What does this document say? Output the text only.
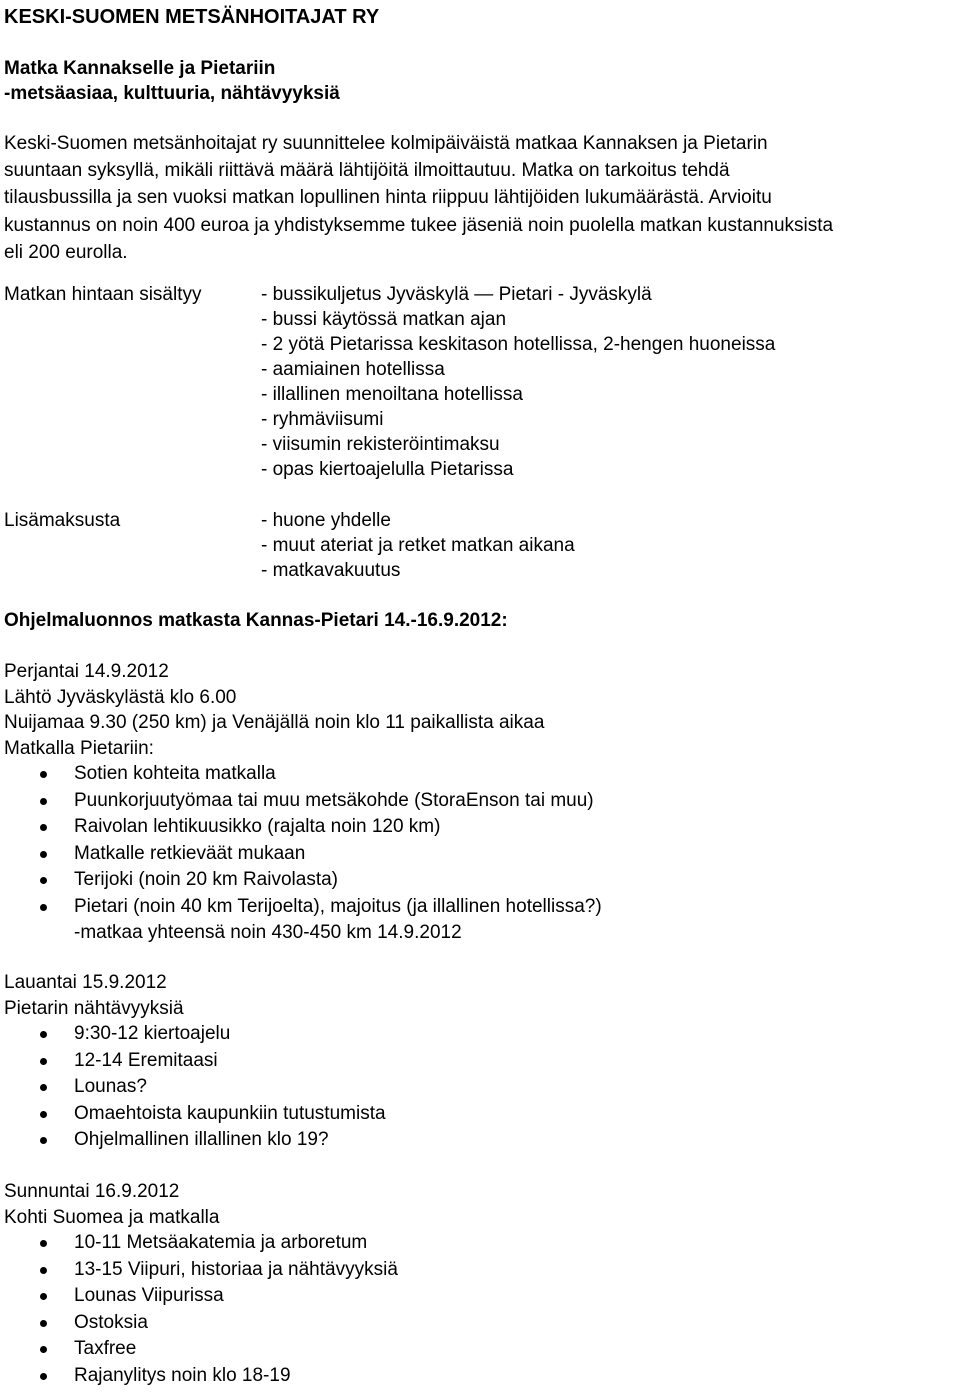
KESKI-SUOMEN METSÄNHOITAJAT RY
Matka Kannakselle ja Pietariin
-metsäasiaa, kulttuuria, nähtävyyksiä

Keski-Suomen metsänhoitajat ry suunnittelee kolmipäiväistä matkaa Kannaksen ja Pietarin
suuntaan syksyllä, mikäli riittävä määrä lähtijöitä ilmoittautuu. Matka on tarkoitus tehdä
tilausbussilla ja sen vuoksi matkan lopullinen hinta riippuu lähtijöiden lukumäärästä. Arvioitu
kustannus on noin 400 euroa ja yhdistyksemme tukee jäseniä noin puolella matkan kustannuksista
eli 200 eurolla.

Matkan hintaan sisältyy	- bussikuljetus Jyväskylä — Pietari - Jyväskylä
- bussi käytössä matkan ajan
- 2 yötä Pietarissa keskitason hotellissa, 2-hengen huoneissa
- aamiainen hotellissa
- illallinen menoiltana hotellissa
- ryhmäviisumi
- viisumin rekisteröintimaksu
- opas kiertoajelulla Pietarissa
Lisämaksusta	- huone yhdelle
- muut ateriat ja retket matkan aikana
- matkavakuutus
Ohjelmaluonnos matkasta Kannas-Pietari 14.-16.9.2012:
Perjantai 14.9.2012
Lähtö Jyväskylästä klo 6.00
Nuijamaa 9.30 (250 km) ja Venäjällä noin klo 11 paikallista aikaa
Matkalla Pietariin:
Sotien kohteita matkalla
Puunkorjuutyömaa tai muu metsäkohde (StoraEnson tai muu)
Raivolan lehtikuusikko (rajalta noin 120 km)
Matkalle retkieväät mukaan
Terijoki (noin 20 km Raivolasta)
Pietari (noin 40 km Terijoelta), majoitus (ja illallinen hotellissa?)
-matkaa yhteensä noin 430-450 km 14.9.2012
Lauantai 15.9.2012
Pietarin nähtävyyksiä
9:30-12 kiertoajelu
12-14 Eremitaasi
Lounas?
Omaehtoista kaupunkiin tutustumista
Ohjelmallinen illallinen klo 19?
Sunnuntai 16.9.2012
Kohti Suomea ja matkalla
10-11 Metsäakatemia ja arboretum
13-15 Viipuri, historiaa ja nähtävyyksiä
Lounas Viipurissa
Ostoksia
Taxfree
Rajanylitys noin klo 18-19
